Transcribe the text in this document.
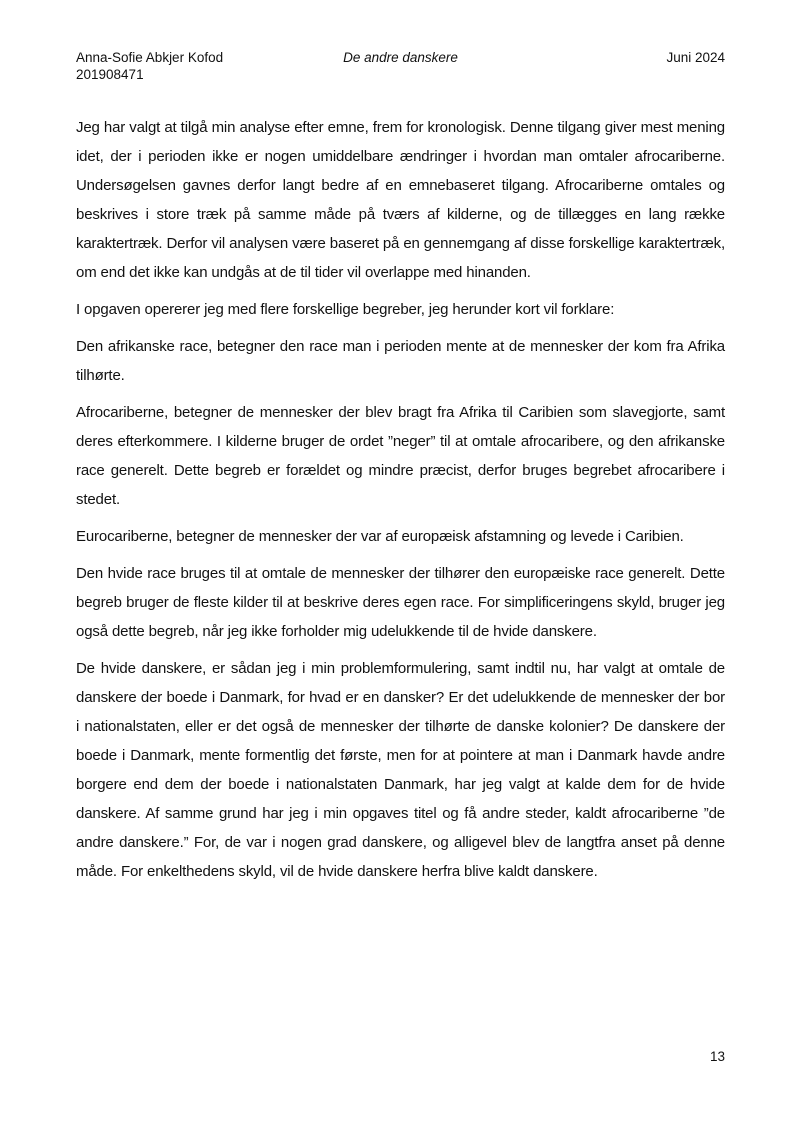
Anna-Sofie Abkjer Kofod
201908471
De andre danskere	Juni 2024

Jeg har valgt at tilgå min analyse efter emne, frem for kronologisk. Denne tilgang giver mest mening idet, der i perioden ikke er nogen umiddelbare ændringer i hvordan man omtaler afrocariberne. Undersøgelsen gavnes derfor langt bedre af en emnebaseret tilgang. Afrocariberne omtales og beskrives i store træk på samme måde på tværs af kilderne, og de tillægges en lang række karaktertræk. Derfor vil analysen være baseret på en gennemgang af disse forskellige karaktertræk, om end det ikke kan undgås at de til tider vil overlappe med hinanden.

I opgaven opererer jeg med flere forskellige begreber, jeg herunder kort vil forklare:

Den afrikanske race, betegner den race man i perioden mente at de mennesker der kom fra Afrika tilhørte.

Afrocariberne, betegner de mennesker der blev bragt fra Afrika til Caribien som slavegjorte, samt deres efterkommere. I kilderne bruger de ordet ”neger” til at omtale afrocaribere, og den afrikanske race generelt. Dette begreb er forældet og mindre præcist, derfor bruges begrebet afrocaribere i stedet.

Eurocariberne, betegner de mennesker der var af europæisk afstamning og levede i Caribien.

Den hvide race bruges til at omtale de mennesker der tilhører den europæiske race generelt. Dette begreb bruger de fleste kilder til at beskrive deres egen race. For simplificeringens skyld, bruger jeg også dette begreb, når jeg ikke forholder mig udelukkende til de hvide danskere.

De hvide danskere, er sådan jeg i min problemformulering, samt indtil nu, har valgt at omtale de danskere der boede i Danmark, for hvad er en dansker? Er det udelukkende de mennesker der bor i nationalstaten, eller er det også de mennesker der tilhørte de danske kolonier? De danskere der boede i Danmark, mente formentlig det første, men for at pointere at man i Danmark havde andre borgere end dem der boede i nationalstaten Danmark, har jeg valgt at kalde dem for de hvide danskere. Af samme grund har jeg i min opgaves titel og få andre steder, kaldt afrocariberne ”de andre danskere.” For, de var i nogen grad danskere, og alligevel blev de langtfra anset på denne måde. For enkelthedens skyld, vil de hvide danskere herfra blive kaldt danskere.

13
